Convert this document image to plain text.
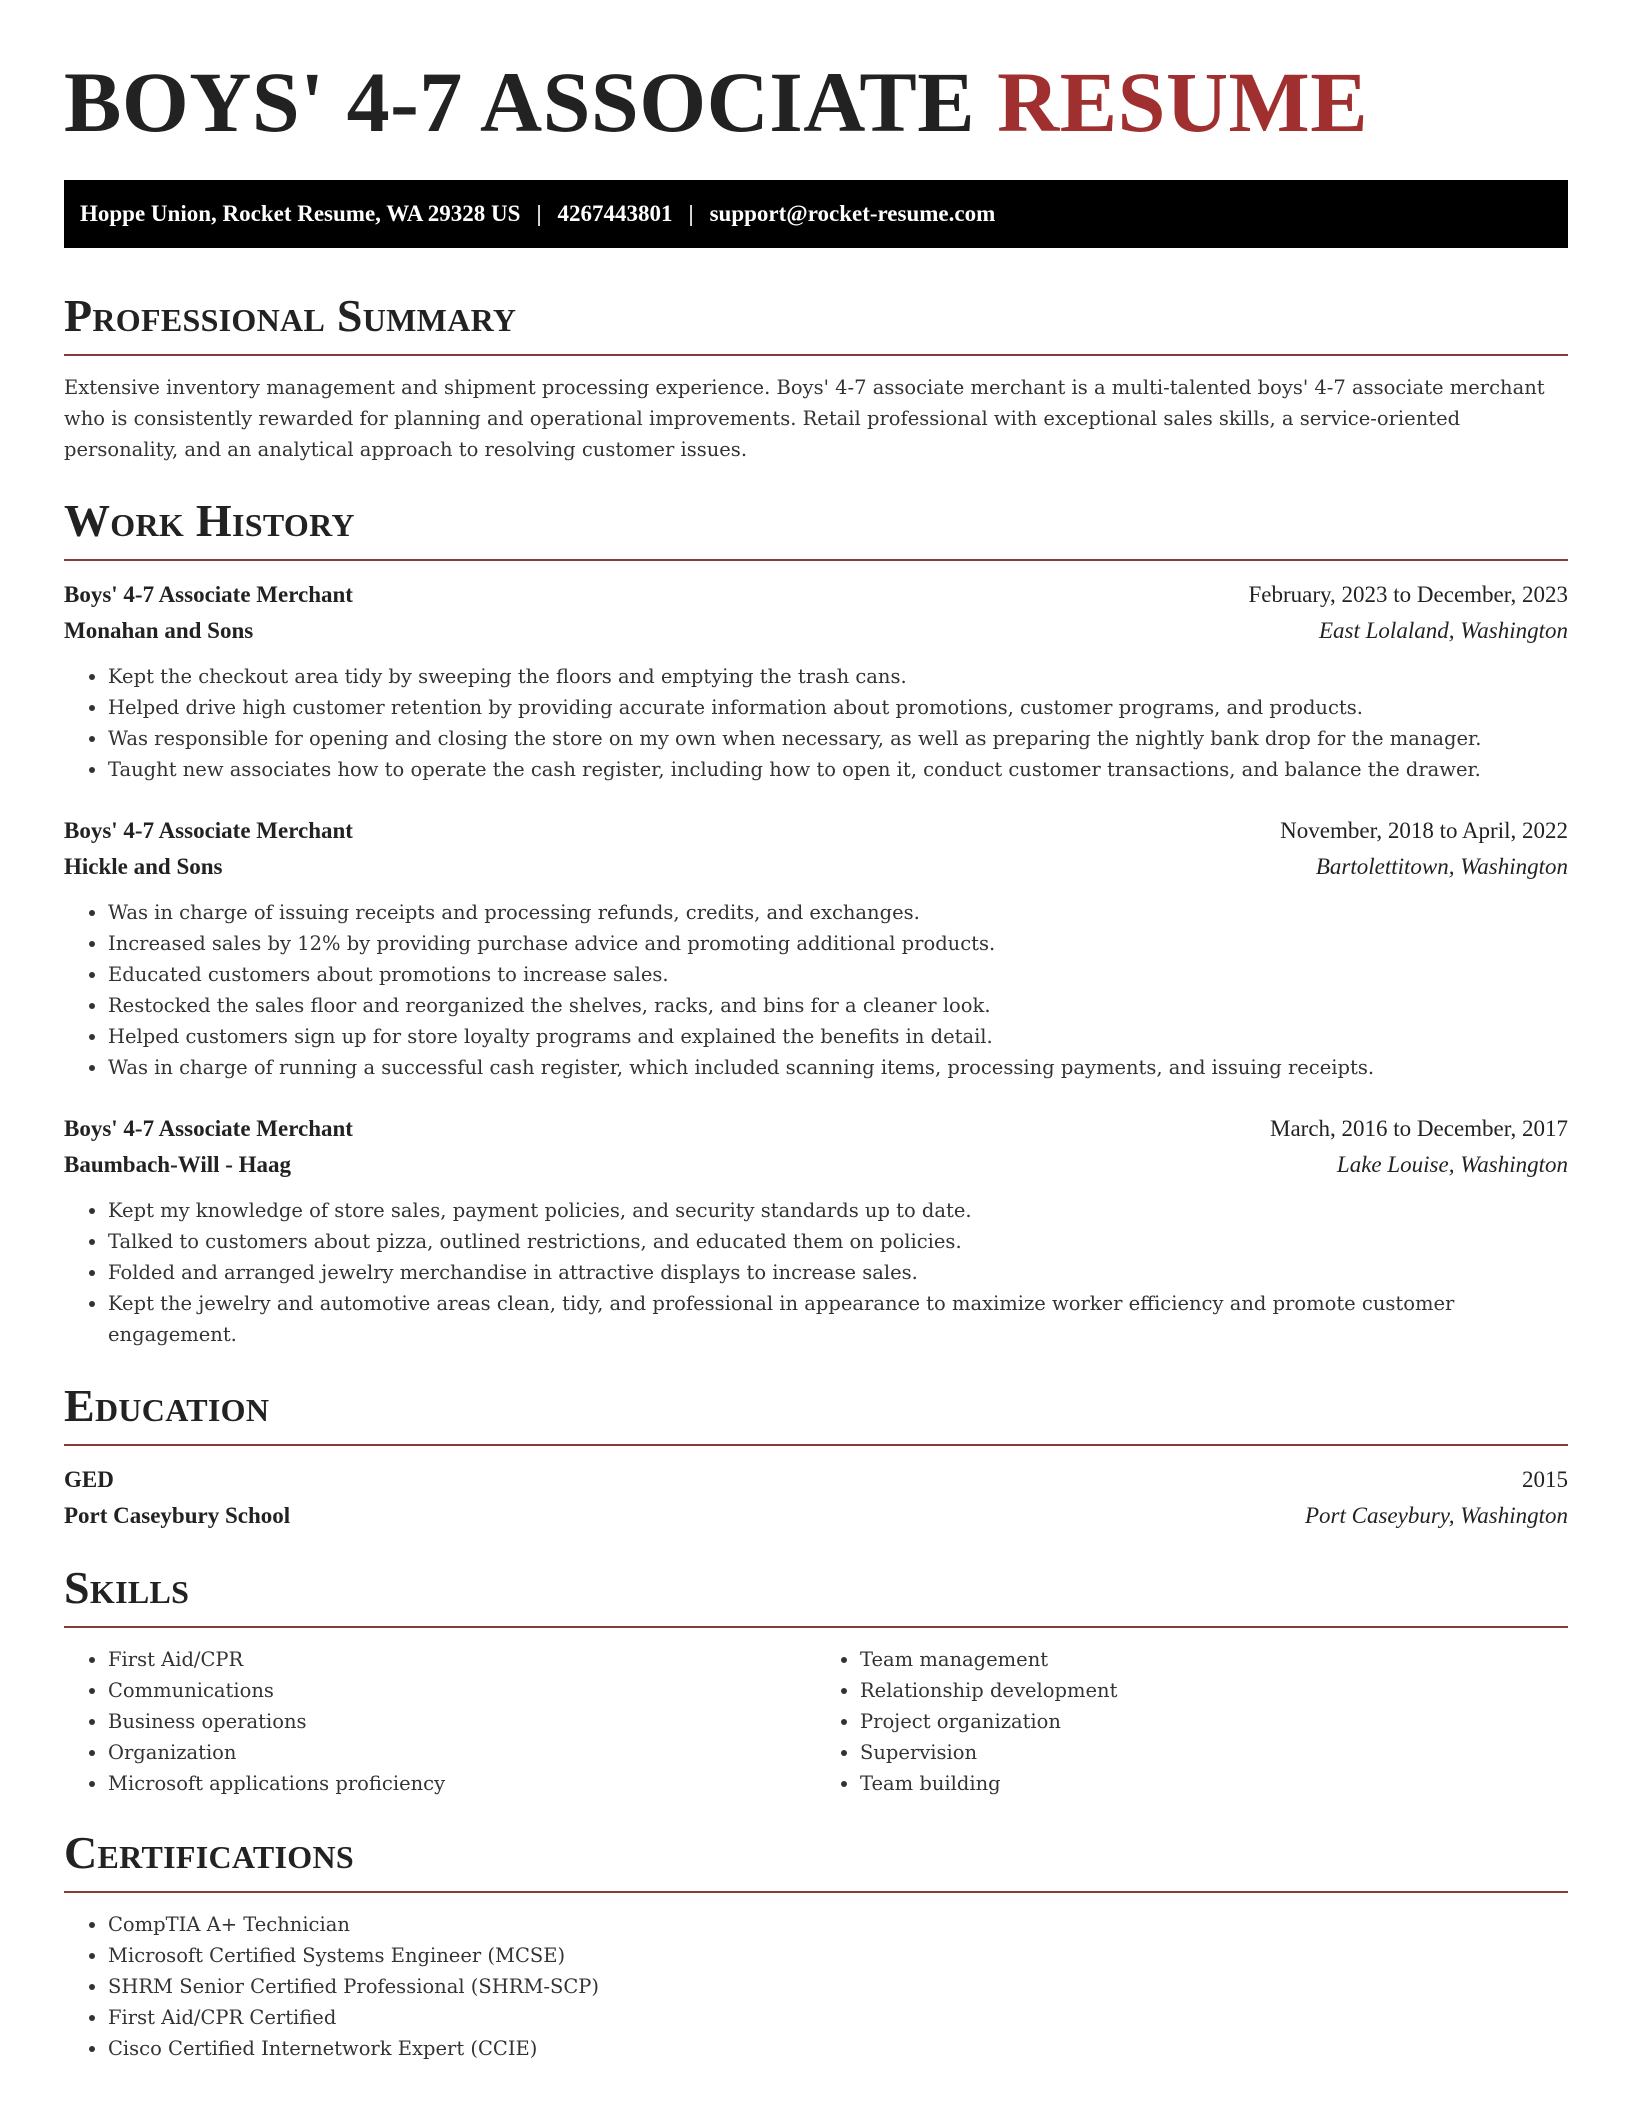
BOYS' 4-7 ASSOCIATE RESUME
Hoppe Union, Rocket Resume, WA 29328 US | 4267443801 | support@rocket-resume.com
Professional Summary

Extensive inventory management and shipment processing experience. Boys' 4-7 associate merchant is a multi-talented boys' 4-7 associate merchant who is consistently rewarded for planning and operational improvements. Retail professional with exceptional sales skills, a service-oriented personality, and an analytical approach to resolving customer issues.

Work History
Boys' 4-7 Associate Merchant	February, 2023 to December, 2023
Monahan and Sons	East Lolaland, Washington
• Kept the checkout area tidy by sweeping the floors and emptying the trash cans.
• Helped drive high customer retention by providing accurate information about promotions, customer programs, and products.
• Was responsible for opening and closing the store on my own when necessary, as well as preparing the nightly bank drop for the manager.
• Taught new associates how to operate the cash register, including how to open it, conduct customer transactions, and balance the drawer.
Boys' 4-7 Associate Merchant	November, 2018 to April, 2022
Hickle and Sons	Bartolettitown, Washington
• Was in charge of issuing receipts and processing refunds, credits, and exchanges.
• Increased sales by 12% by providing purchase advice and promoting additional products.
• Educated customers about promotions to increase sales.
• Restocked the sales floor and reorganized the shelves, racks, and bins for a cleaner look.
• Helped customers sign up for store loyalty programs and explained the benefits in detail.
• Was in charge of running a successful cash register, which included scanning items, processing payments, and issuing receipts.
Boys' 4-7 Associate Merchant	March, 2016 to December, 2017
Baumbach-Will - Haag	Lake Louise, Washington
• Kept my knowledge of store sales, payment policies, and security standards up to date.
• Talked to customers about pizza, outlined restrictions, and educated them on policies.
• Folded and arranged jewelry merchandise in attractive displays to increase sales.
• Kept the jewelry and automotive areas clean, tidy, and professional in appearance to maximize worker efficiency and promote customer engagement.
Education
GED	2015
Port Caseybury School	Port Caseybury, Washington
Skills
• First Aid/CPR
• Communications
• Business operations
• Organization
• Microsoft applications proficiency
• Team management
• Relationship development
• Project organization
• Supervision
• Team building
Certifications
• CompTIA A+ Technician
• Microsoft Certified Systems Engineer (MCSE)
• SHRM Senior Certified Professional (SHRM-SCP)
• First Aid/CPR Certified
• Cisco Certified Internetwork Expert (CCIE)
